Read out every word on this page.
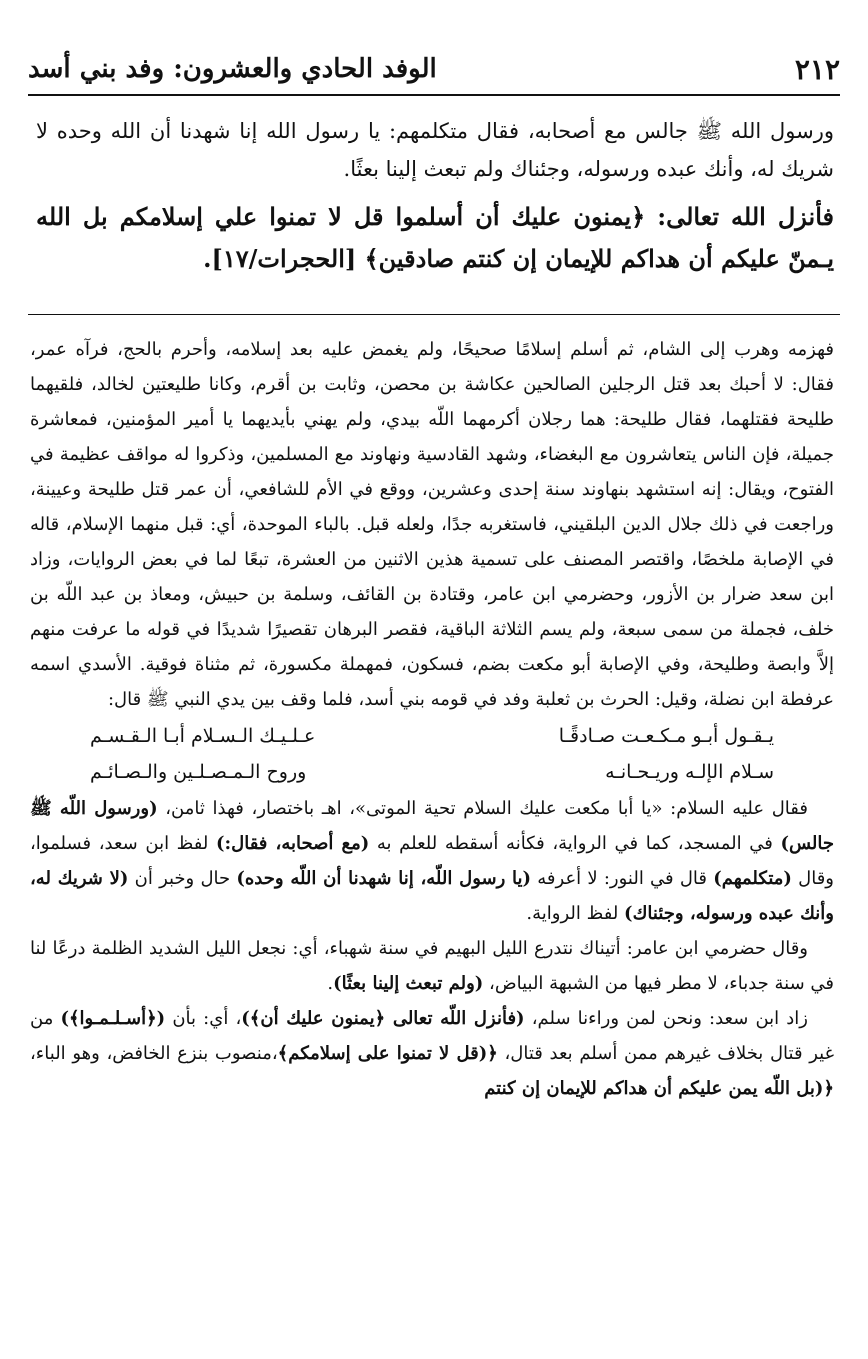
٢١٢
الوفد الحادي والعشرون: وفد بني أسد

ورسول الله ﷺ جالس مع أصحابه، فقال متكلمهم: يا رسول الله إنا شهدنا أن الله وحده لا شريك له، وأنك عبده ورسوله، وجئناك ولم تبعث إلينا بعثًا.

فأنزل الله تعالى: ﴿يمنون عليك أن أسلموا قل لا تمنوا علي إسلامكم بل الله يـمنّ عليكم أن هداكم للإيمان إن كنتم صادقين﴾ [الحجرات/١٧].

فهزمه وهرب إلى الشام، ثم أسلم إسلامًا صحيحًا، ولم يغمض عليه بعد إسلامه، وأحرم بالحج، فرآه عمر، فقال: لا أحبك بعد قتل الرجلين الصالحين عكاشة بن محصن، وثابت بن أقرم، وكانا طليعتين لخالد، فلقيهما طليحة فقتلهما، فقال طليحة: هما رجلان أكرمهما اللّه بيدي، ولم يهني بأيديهما يا أمير المؤمنين، فمعاشرة جميلة، فإن الناس يتعاشرون مع البغضاء، وشهد القادسية ونهاوند مع المسلمين، وذكروا له مواقف عظيمة في الفتوح، ويقال: إنه استشهد بنهاوند سنة إحدى وعشرين، ووقع في الأم للشافعي، أن عمر قتل طليحة وعيينة، وراجعت في ذلك جلال الدين البلقيني، فاستغربه جدًا، ولعله قبل. بالباء الموحدة، أي: قبل منهما الإسلام، قاله في الإصابة ملخصًا، واقتصر المصنف على تسمية هذين الاثنين من العشرة، تبعًا لما في بعض الروايات، وزاد ابن سعد ضرار بن الأزور، وحضرمي ابن عامر، وقتادة بن القائف، وسلمة بن حبيش، ومعاذ بن عبد اللّه بن خلف، فجملة من سمى سبعة، ولم يسم الثلاثة الباقية، فقصر البرهان تقصيرًا شديدًا في قوله ما عرفت منهم إلاَّ وابصة وطليحة، وفي الإصابة أبو مكعت بضم، فسكون، فمهملة مكسورة، ثم مثناة فوقية. الأسدي اسمه عرفطة ابن نضلة، وقيل: الحرث بن ثعلبة وفد في قومه بني أسد، فلما وقف بين يدي النبي ﷺ قال:

يـقـول أبـو مـكـعـت صـادقًـا
عـلـيـك الـسـلام أبـا الـقـسـم
سـلام الإلـه وريـحـانـه
وروح الـمـصـلـين والـصـائـم

فقال عليه السلام: «يا أبا مكعت عليك السلام تحية الموتى»، اهـ باختصار، فهذا ثامن، (ورسول اللّه ﷺ جالس) في المسجد، كما في الرواية، فكأنه أسقطه للعلم به (مع أصحابه، فقال:) لفظ ابن سعد، فسلموا، وقال (متكلمهم) قال في النور: لا أعرفه (يا رسول اللّه، إنا شهدنا أن اللّه وحده) حال وخبر أن (لا شريك له، وأنك عبده ورسوله، وجئناك) لفظ الرواية.

وقال حضرمي ابن عامر: أتيناك نتدرع الليل البهيم في سنة شهباء، أي: نجعل الليل الشديد الظلمة درعًا لنا في سنة جدباء، لا مطر فيها من الشبهة البياض، (ولم تبعث إلينا بعثًا).

زاد ابن سعد: ونحن لمن وراءنا سلم، (فأنزل اللّه تعالى ﴿يمنون عليك أن﴾)، أي: بأن (﴿أسـلـمـوا﴾) من غير قتال بخلاف غيرهم ممن أسلم بعد قتال، ﴿(قل لا تمنوا على إسلامكم﴾،منصوب بنزع الخافض، وهو الباء، ﴿(بل اللّه يمن عليكم أن هداكم للإيمان إن كنتم
